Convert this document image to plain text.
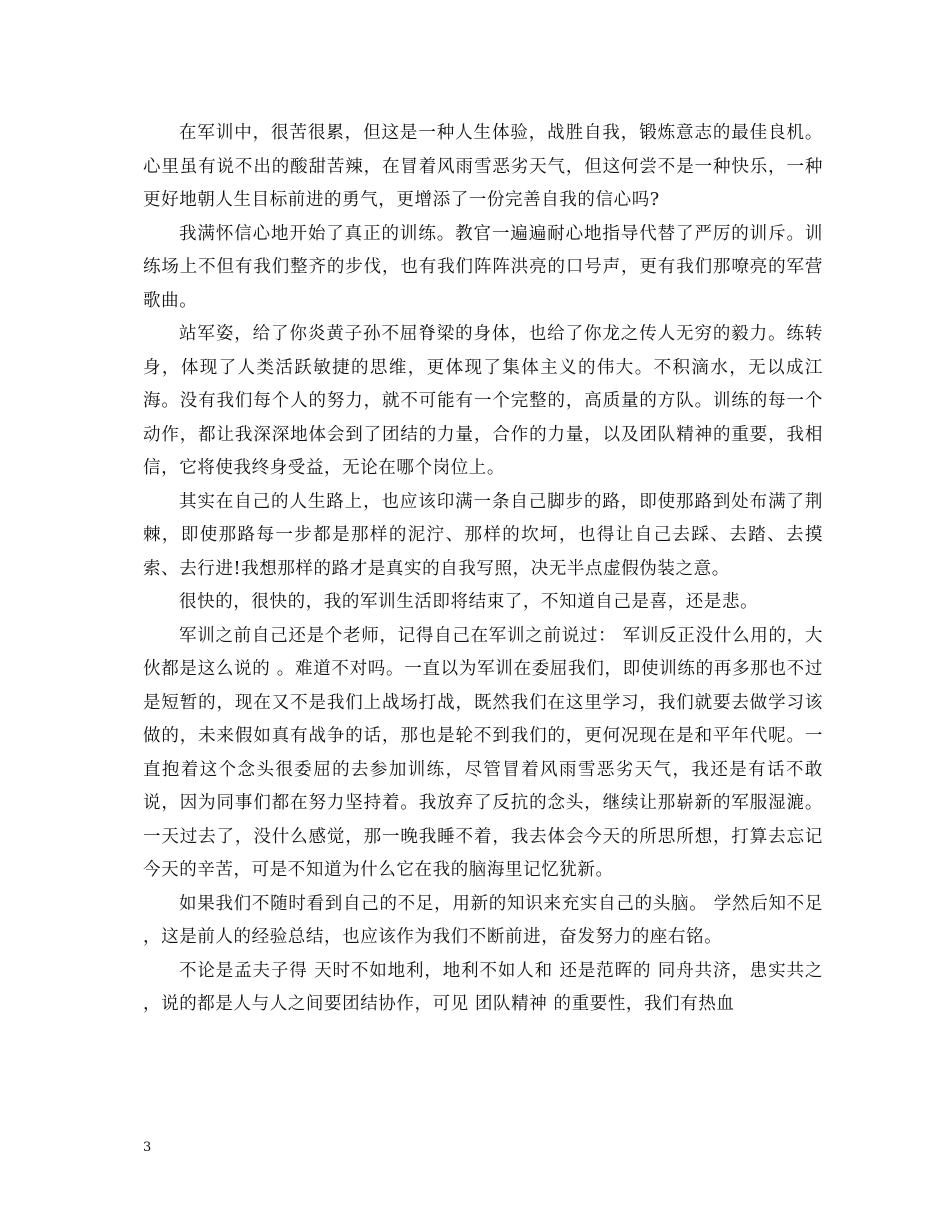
在军训中，很苦很累，但这是一种人生体验，战胜自我，锻炼意志的最佳良机。心里虽有说不出的酸甜苦辣，在冒着风雨雪恶劣天气，但这何尝不是一种快乐，一种更好地朝人生目标前进的勇气，更增添了一份完善自我的信心吗?

我满怀信心地开始了真正的训练。教官一遍遍耐心地指导代替了严厉的训斥。训练场上不但有我们整齐的步伐，也有我们阵阵洪亮的口号声，更有我们那嘹亮的军营歌曲。

站军姿，给了你炎黄子孙不屈脊梁的身体，也给了你龙之传人无穷的毅力。练转身，体现了人类活跃敏捷的思维，更体现了集体主义的伟大。不积滴水，无以成江海。没有我们每个人的努力，就不可能有一个完整的，高质量的方队。训练的每一个动作，都让我深深地体会到了团结的力量，合作的力量，以及团队精神的重要，我相信，它将使我终身受益，无论在哪个岗位上。

其实在自己的人生路上，也应该印满一条自己脚步的路，即使那路到处布满了荆棘，即使那路每一步都是那样的泥泞、那样的坎坷，也得让自己去踩、去踏、去摸索、去行进!我想那样的路才是真实的自我写照，决无半点虚假伪装之意。

很快的，很快的，我的军训生活即将结束了，不知道自己是喜，还是悲。

军训之前自己还是个老师，记得自己在军训之前说过： 军训反正没什么用的，大伙都是这么说的 。难道不对吗。一直以为军训在委屈我们，即使训练的再多那也不过是短暂的，现在又不是我们上战场打战，既然我们在这里学习，我们就要去做学习该做的，未来假如真有战争的话，那也是轮不到我们的，更何况现在是和平年代呢。一直抱着这个念头很委屈的去参加训练，尽管冒着风雨雪恶劣天气，我还是有话不敢说，因为同事们都在努力坚持着。我放弃了反抗的念头，继续让那崭新的军服湿漉。一天过去了，没什么感觉，那一晚我睡不着，我去体会今天的所思所想，打算去忘记今天的辛苦，可是不知道为什么它在我的脑海里记忆犹新。

如果我们不随时看到自己的不足，用新的知识来充实自己的头脑。 学然后知不足 ，这是前人的经验总结，也应该作为我们不断前进，奋发努力的座右铭。

不论是孟夫子得 天时不如地利，地利不如人和 还是范晖的 同舟共济，患实共之 ，说的都是人与人之间要团结协作，可见 团队精神 的重要性，我们有热血

3
